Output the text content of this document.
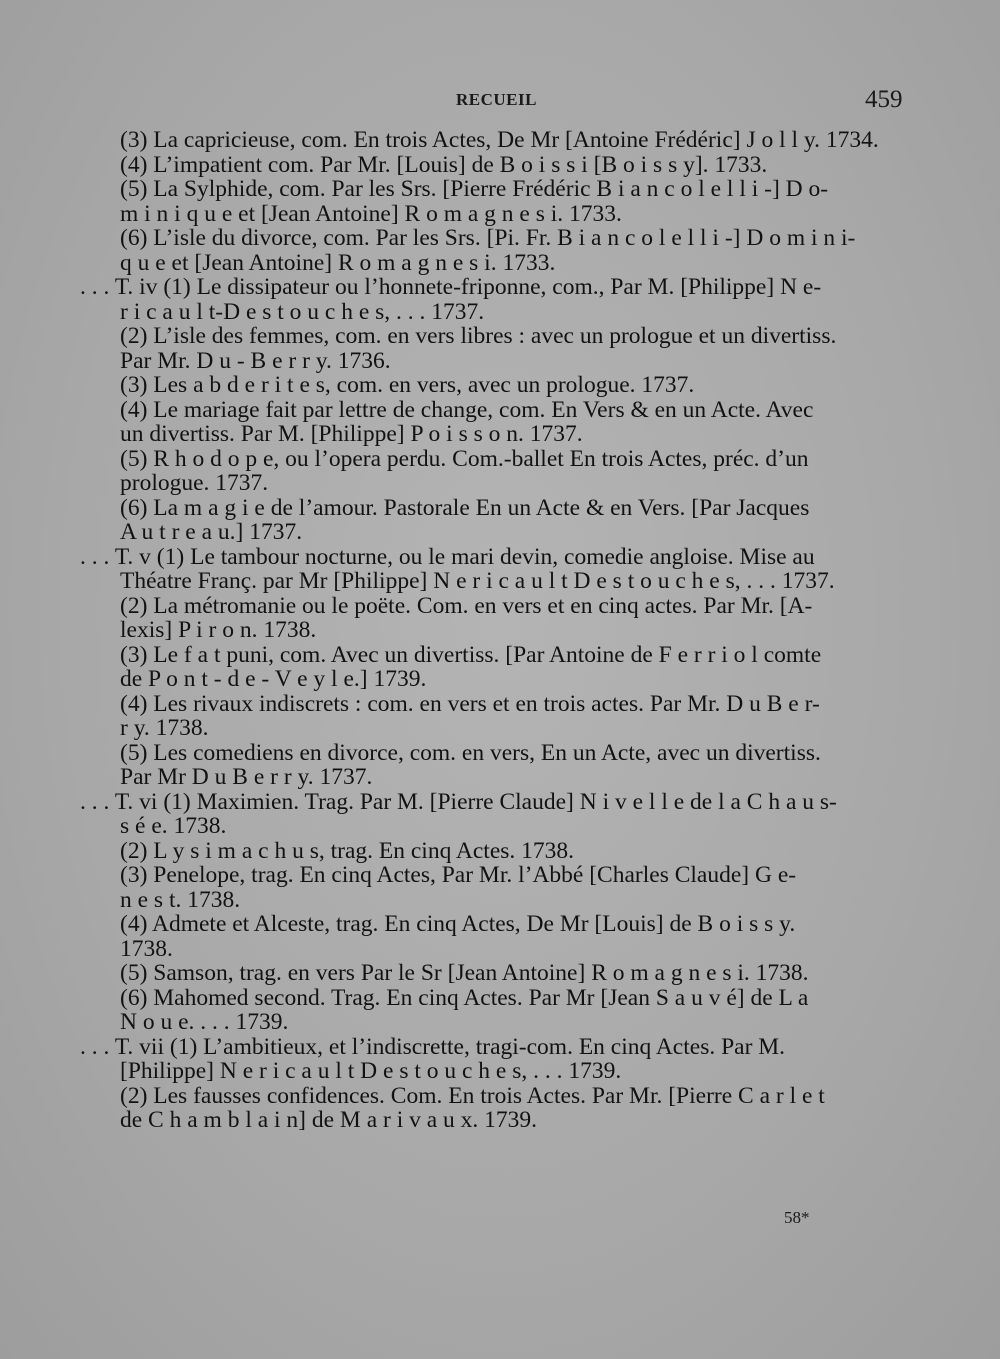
RECUEIL	459
(3) La capricieuse, com. En trois Actes, De Mr [Antoine Frédéric] J o l l y. 1734.
(4) L’impatient com. Par Mr. [Louis] de B o i s s i [B o i s s y]. 1733.
(5) La Sylphide, com. Par les Srs. [Pierre Frédéric B i a n c o l e l l i -] D o-
m i n i q u e et [Jean Antoine] R o m a g n e s i. 1733.
(6) L’isle du divorce, com. Par les Srs. [Pi. Fr. B i a n c o l e l l i -] D o m i n i-
q u e et [Jean Antoine] R o m a g n e s i. 1733.
. . . T. iv (1) Le dissipateur ou l’honnete-friponne, com., Par M. [Philippe] N e-
r i c a u l t-D e s t o u c h e s, . . . 1737.
(2) L’isle des femmes, com. en vers libres : avec un prologue et un divertiss.
Par Mr. D u - B e r r y. 1736.
(3) Les a b d e r i t e s, com. en vers, avec un prologue. 1737.
(4) Le mariage fait par lettre de change, com. En Vers & en un Acte. Avec
un divertiss. Par M. [Philippe] P o i s s o n. 1737.
(5) R h o d o p e, ou l’opera perdu. Com.-ballet En trois Actes, préc. d’un
prologue. 1737.
(6) La m a g i e de l’amour. Pastorale En un Acte & en Vers. [Par Jacques
A u t r e a u.] 1737.
. . . T. v (1) Le tambour nocturne, ou le mari devin, comedie angloise. Mise au
Théatre Franç. par Mr [Philippe] N e r i c a u l t D e s t o u c h e s, . . . 1737.
(2) La métromanie ou le poëte. Com. en vers et en cinq actes. Par Mr. [A-
lexis] P i r o n. 1738.
(3) Le f a t puni, com. Avec un divertiss. [Par Antoine de F e r r i o l comte
de P o n t - d e - V e y l e.] 1739.
(4) Les rivaux indiscrets : com. en vers et en trois actes. Par Mr. D u B e r-
r y. 1738.
(5) Les comediens en divorce, com. en vers, En un Acte, avec un divertiss.
Par Mr D u B e r r y. 1737.
. . . T. vi (1) Maximien. Trag. Par M. [Pierre Claude] N i v e l l e de l a C h a u s-
s é e. 1738.
(2) L y s i m a c h u s, trag. En cinq Actes. 1738.
(3) Penelope, trag. En cinq Actes, Par Mr. l’Abbé [Charles Claude] G e-
n e s t. 1738.
(4) Admete et Alceste, trag. En cinq Actes, De Mr [Louis] de B o i s s y.
1738.
(5) Samson, trag. en vers Par le Sr [Jean Antoine] R o m a g n e s i. 1738.
(6) Mahomed second. Trag. En cinq Actes. Par Mr [Jean S a u v é] de L a
N o u e. . . . 1739.
. . . T. vii (1) L’ambitieux, et l’indiscrette, tragi-com. En cinq Actes. Par M.
[Philippe] N e r i c a u l t D e s t o u c h e s, . . . 1739.
(2) Les fausses confidences. Com. En trois Actes. Par Mr. [Pierre C a r l e t
de C h a m b l a i n] de M a r i v a u x. 1739.
58*
